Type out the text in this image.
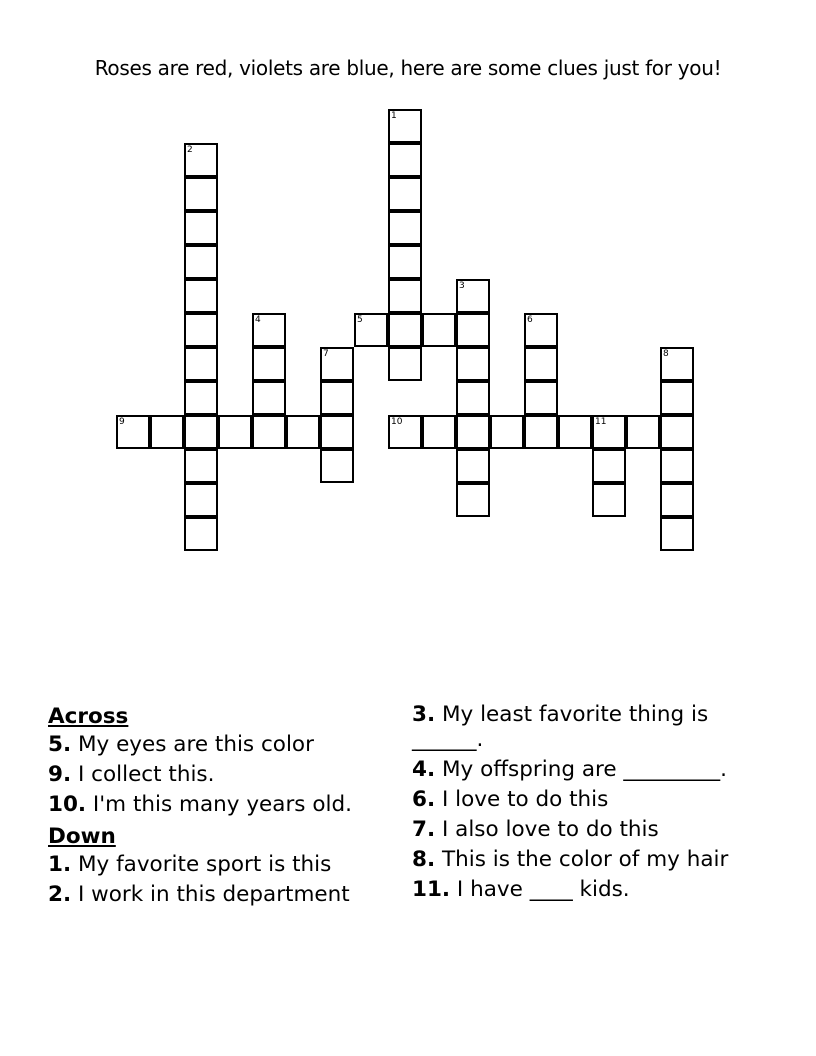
Roses are red, violets are blue, here are some clues just for you!
1
2
3
4	5	6
7	8
9	10	11
Across
5. My eyes are this color
9. I collect this.
10. I'm this many years old.
Down
1. My favorite sport is this
2. I work in this department
3. My least favorite thing is ______.
4. My offspring are _________.
6. I love to do this
7. I also love to do this
8. This is the color of my hair
11. I have ____ kids.
